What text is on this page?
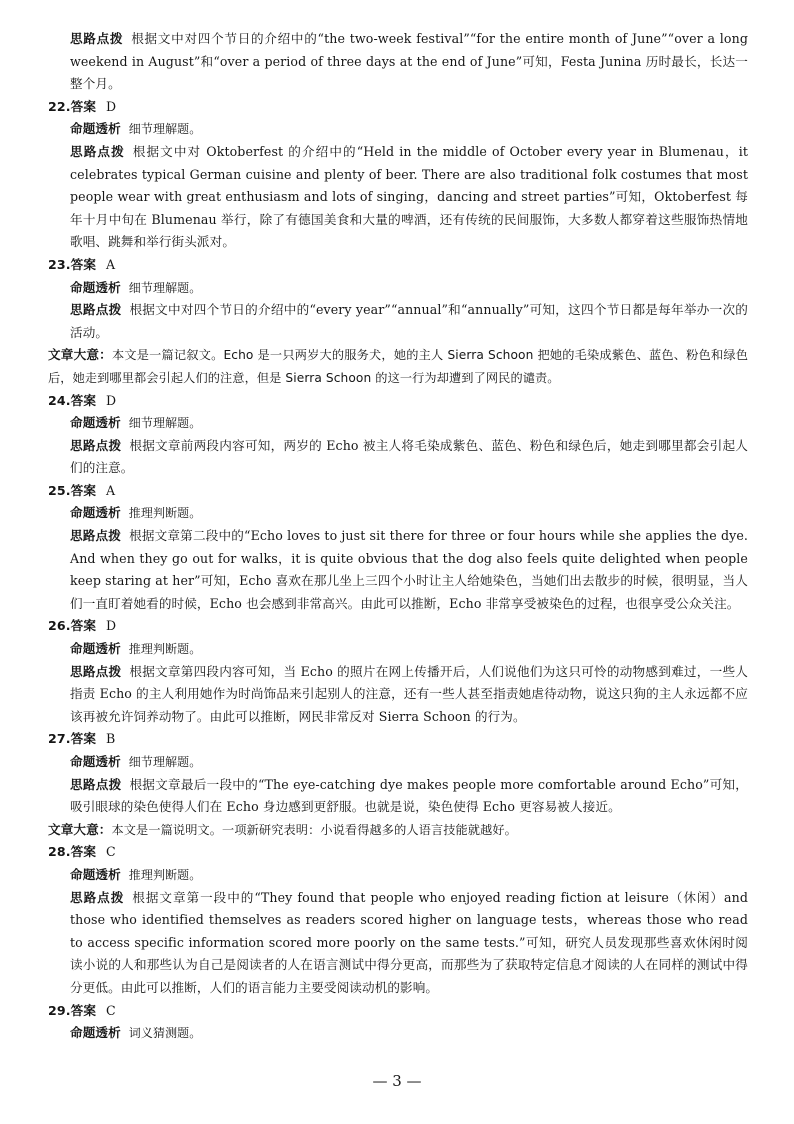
思路点拨 根据文中对四个节日的介绍中的“the two-week festival”“for the entire month of June”“over a long weekend in August”和“over a period of three days at the end of June”可知，Festa Junina 历时最长，长达一整个月。

22.答案 D

命题透析 细节理解题。

思路点拨 根据文中对 Oktoberfest 的介绍中的“Held in the middle of October every year in Blumenau，it celebrates typical German cuisine and plenty of beer. There are also traditional folk costumes that most people wear with great enthusiasm and lots of singing，dancing and street parties”可知，Oktoberfest 每年十月中旬在 Blumenau 举行，除了有德国美食和大量的啤酒，还有传统的民间服饰，大多数人都穿着这些服饰热情地歌唱、跳舞和举行街头派对。

23.答案 A

命题透析 细节理解题。

思路点拨 根据文中对四个节日的介绍中的“every year”“annual”和“annually”可知，这四个节日都是每年举办一次的活动。

文章大意：本文是一篇记叙文。Echo 是一只两岁大的服务犬，她的主人 Sierra Schoon 把她的毛染成紫色、蓝色、粉色和绿色后，她走到哪里都会引起人们的注意，但是 Sierra Schoon 的这一行为却遭到了网民的谴责。

24.答案 D

命题透析 细节理解题。

思路点拨 根据文章前两段内容可知，两岁的 Echo 被主人将毛染成紫色、蓝色、粉色和绿色后，她走到哪里都会引起人们的注意。

25.答案 A

命题透析 推理判断题。

思路点拨 根据文章第二段中的“Echo loves to just sit there for three or four hours while she applies the dye. And when they go out for walks，it is quite obvious that the dog also feels quite delighted when people keep staring at her”可知，Echo 喜欢在那儿坐上三四个小时让主人给她染色，当她们出去散步的时候，很明显，当人们一直盯着她看的时候，Echo 也会感到非常高兴。由此可以推断，Echo 非常享受被染色的过程，也很享受公众关注。

26.答案 D

命题透析 推理判断题。

思路点拨 根据文章第四段内容可知，当 Echo 的照片在网上传播开后，人们说他们为这只可怜的动物感到难过，一些人指责 Echo 的主人利用她作为时尚饰品来引起别人的注意，还有一些人甚至指责她虐待动物，说这只狗的主人永远都不应该再被允许饲养动物了。由此可以推断，网民非常反对 Sierra Schoon 的行为。

27.答案 B

命题透析 细节理解题。

思路点拨 根据文章最后一段中的“The eye-catching dye makes people more comfortable around Echo”可知，吸引眼球的染色使得人们在 Echo 身边感到更舒服。也就是说，染色使得 Echo 更容易被人接近。

文章大意：本文是一篇说明文。一项新研究表明：小说看得越多的人语言技能就越好。

28.答案 C

命题透析 推理判断题。

思路点拨 根据文章第一段中的“They found that people who enjoyed reading fiction at leisure（休闲）and those who identified themselves as readers scored higher on language tests，whereas those who read to access specific information scored more poorly on the same tests.”可知，研究人员发现那些喜欢休闲时阅读小说的人和那些认为自己是阅读者的人在语言测试中得分更高，而那些为了获取特定信息才阅读的人在同样的测试中得分更低。由此可以推断，人们的语言能力主要受阅读动机的影响。

29.答案 C

命题透析 词义猜测题。

— 3 —
